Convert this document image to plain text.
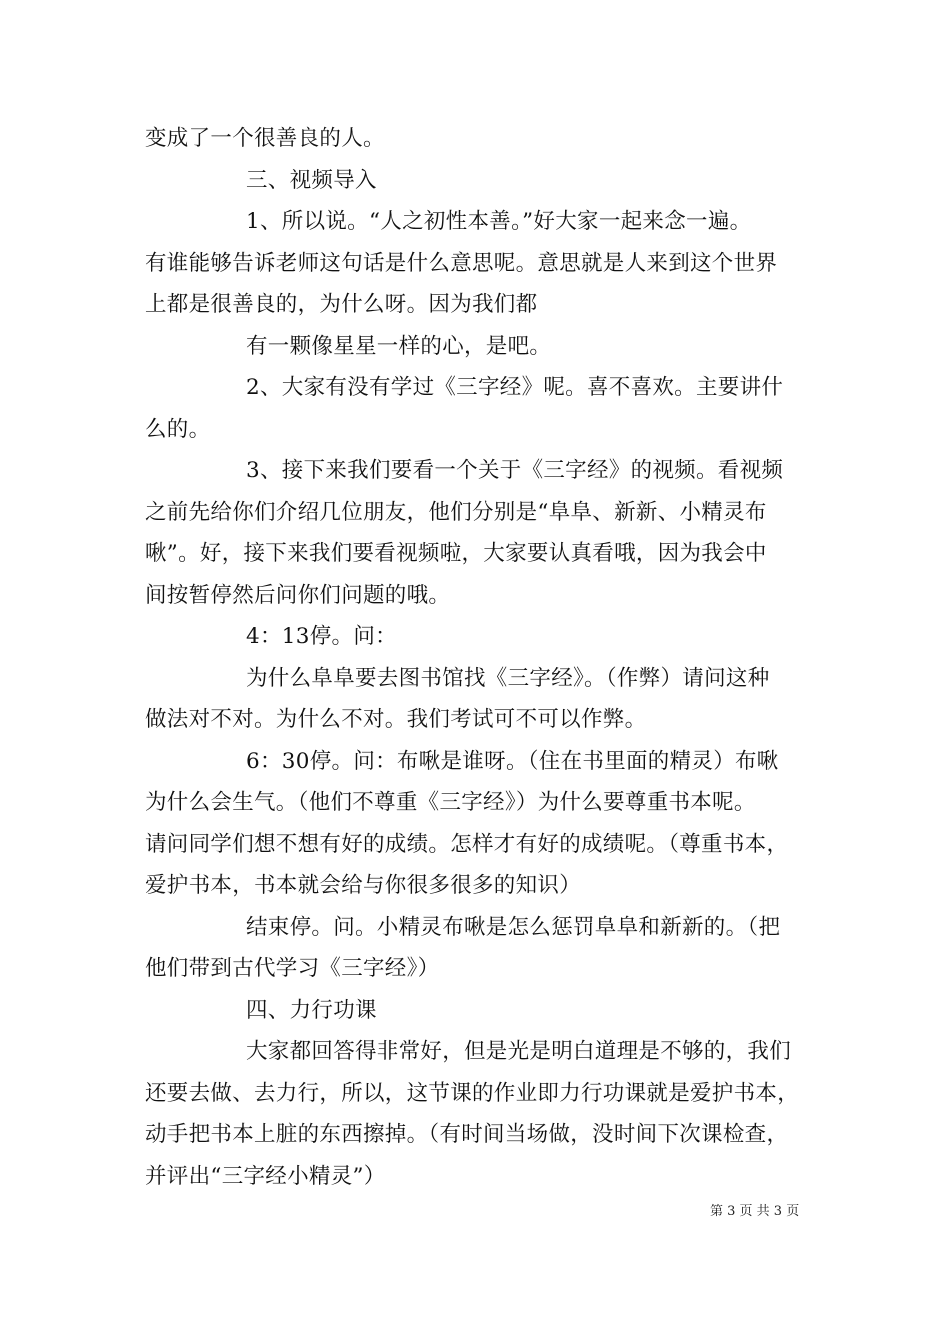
变成了一个很善良的人。
三、视频导入
1、所以说。“人之初性本善。”好大家一起来念一遍。
有谁能够告诉老师这句话是什么意思呢。意思就是人来到这个世界
上都是很善良的，为什么呀。因为我们都
有一颗像星星一样的心，是吧。
2、大家有没有学过《三字经》呢。喜不喜欢。主要讲什
么的。
3、接下来我们要看一个关于《三字经》的视频。看视频
之前先给你们介绍几位朋友，他们分别是“阜阜、新新、小精灵布
啾”。好，接下来我们要看视频啦，大家要认真看哦，因为我会中
间按暂停然后问你们问题的哦。
4：13停。问：
为什么阜阜要去图书馆找《三字经》。（作弊）请问这种
做法对不对。为什么不对。我们考试可不可以作弊。
6：30停。问：布啾是谁呀。（住在书里面的精灵）布啾
为什么会生气。（他们不尊重《三字经》）为什么要尊重书本呢。
请问同学们想不想有好的成绩。怎样才有好的成绩呢。（尊重书本，
爱护书本，书本就会给与你很多很多的知识）
结束停。问。小精灵布啾是怎么惩罚阜阜和新新的。（把
他们带到古代学习《三字经》）
四、力行功课
大家都回答得非常好，但是光是明白道理是不够的，我们
还要去做、去力行，所以，这节课的作业即力行功课就是爱护书本，
动手把书本上脏的东西擦掉。（有时间当场做，没时间下次课检查，
并评出“三字经小精灵”）
第 3 页 共 3 页
